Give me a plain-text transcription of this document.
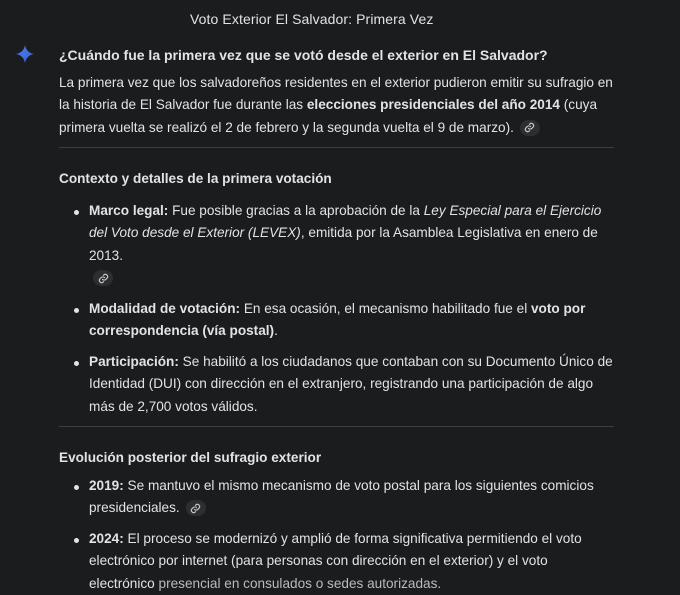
Voto Exterior El Salvador: Primera Vez

¿Cuándo fue la primera vez que se votó desde el exterior en El Salvador?

La primera vez que los salvadoreños residentes en el exterior pudieron emitir su sufragio en la historia de El Salvador fue durante las elecciones presidenciales del año 2014 (cuya primera vuelta se realizó el 2 de febrero y la segunda vuelta el 9 de marzo).

Contexto y detalles de la primera votación
Marco legal: Fue posible gracias a la aprobación de la Ley Especial para el Ejercicio del Voto desde el Exterior (LEVEX), emitida por la Asamblea Legislativa en enero de 2013.

Modalidad de votación: En esa ocasión, el mecanismo habilitado fue el voto por correspondencia (vía postal).
Participación: Se habilitó a los ciudadanos que contaban con su Documento Único de Identidad (DUI) con dirección en el extranjero, registrando una participación de algo más de 2,700 votos válidos.
Evolución posterior del sufragio exterior
2019: Se mantuvo el mismo mecanismo de voto postal para los siguientes comicios presidenciales.
2024: El proceso se modernizó y amplió de forma significativa permitiendo el voto electrónico por internet (para personas con dirección en el exterior) y el voto electrónico presencial en consulados o sedes autorizadas.
